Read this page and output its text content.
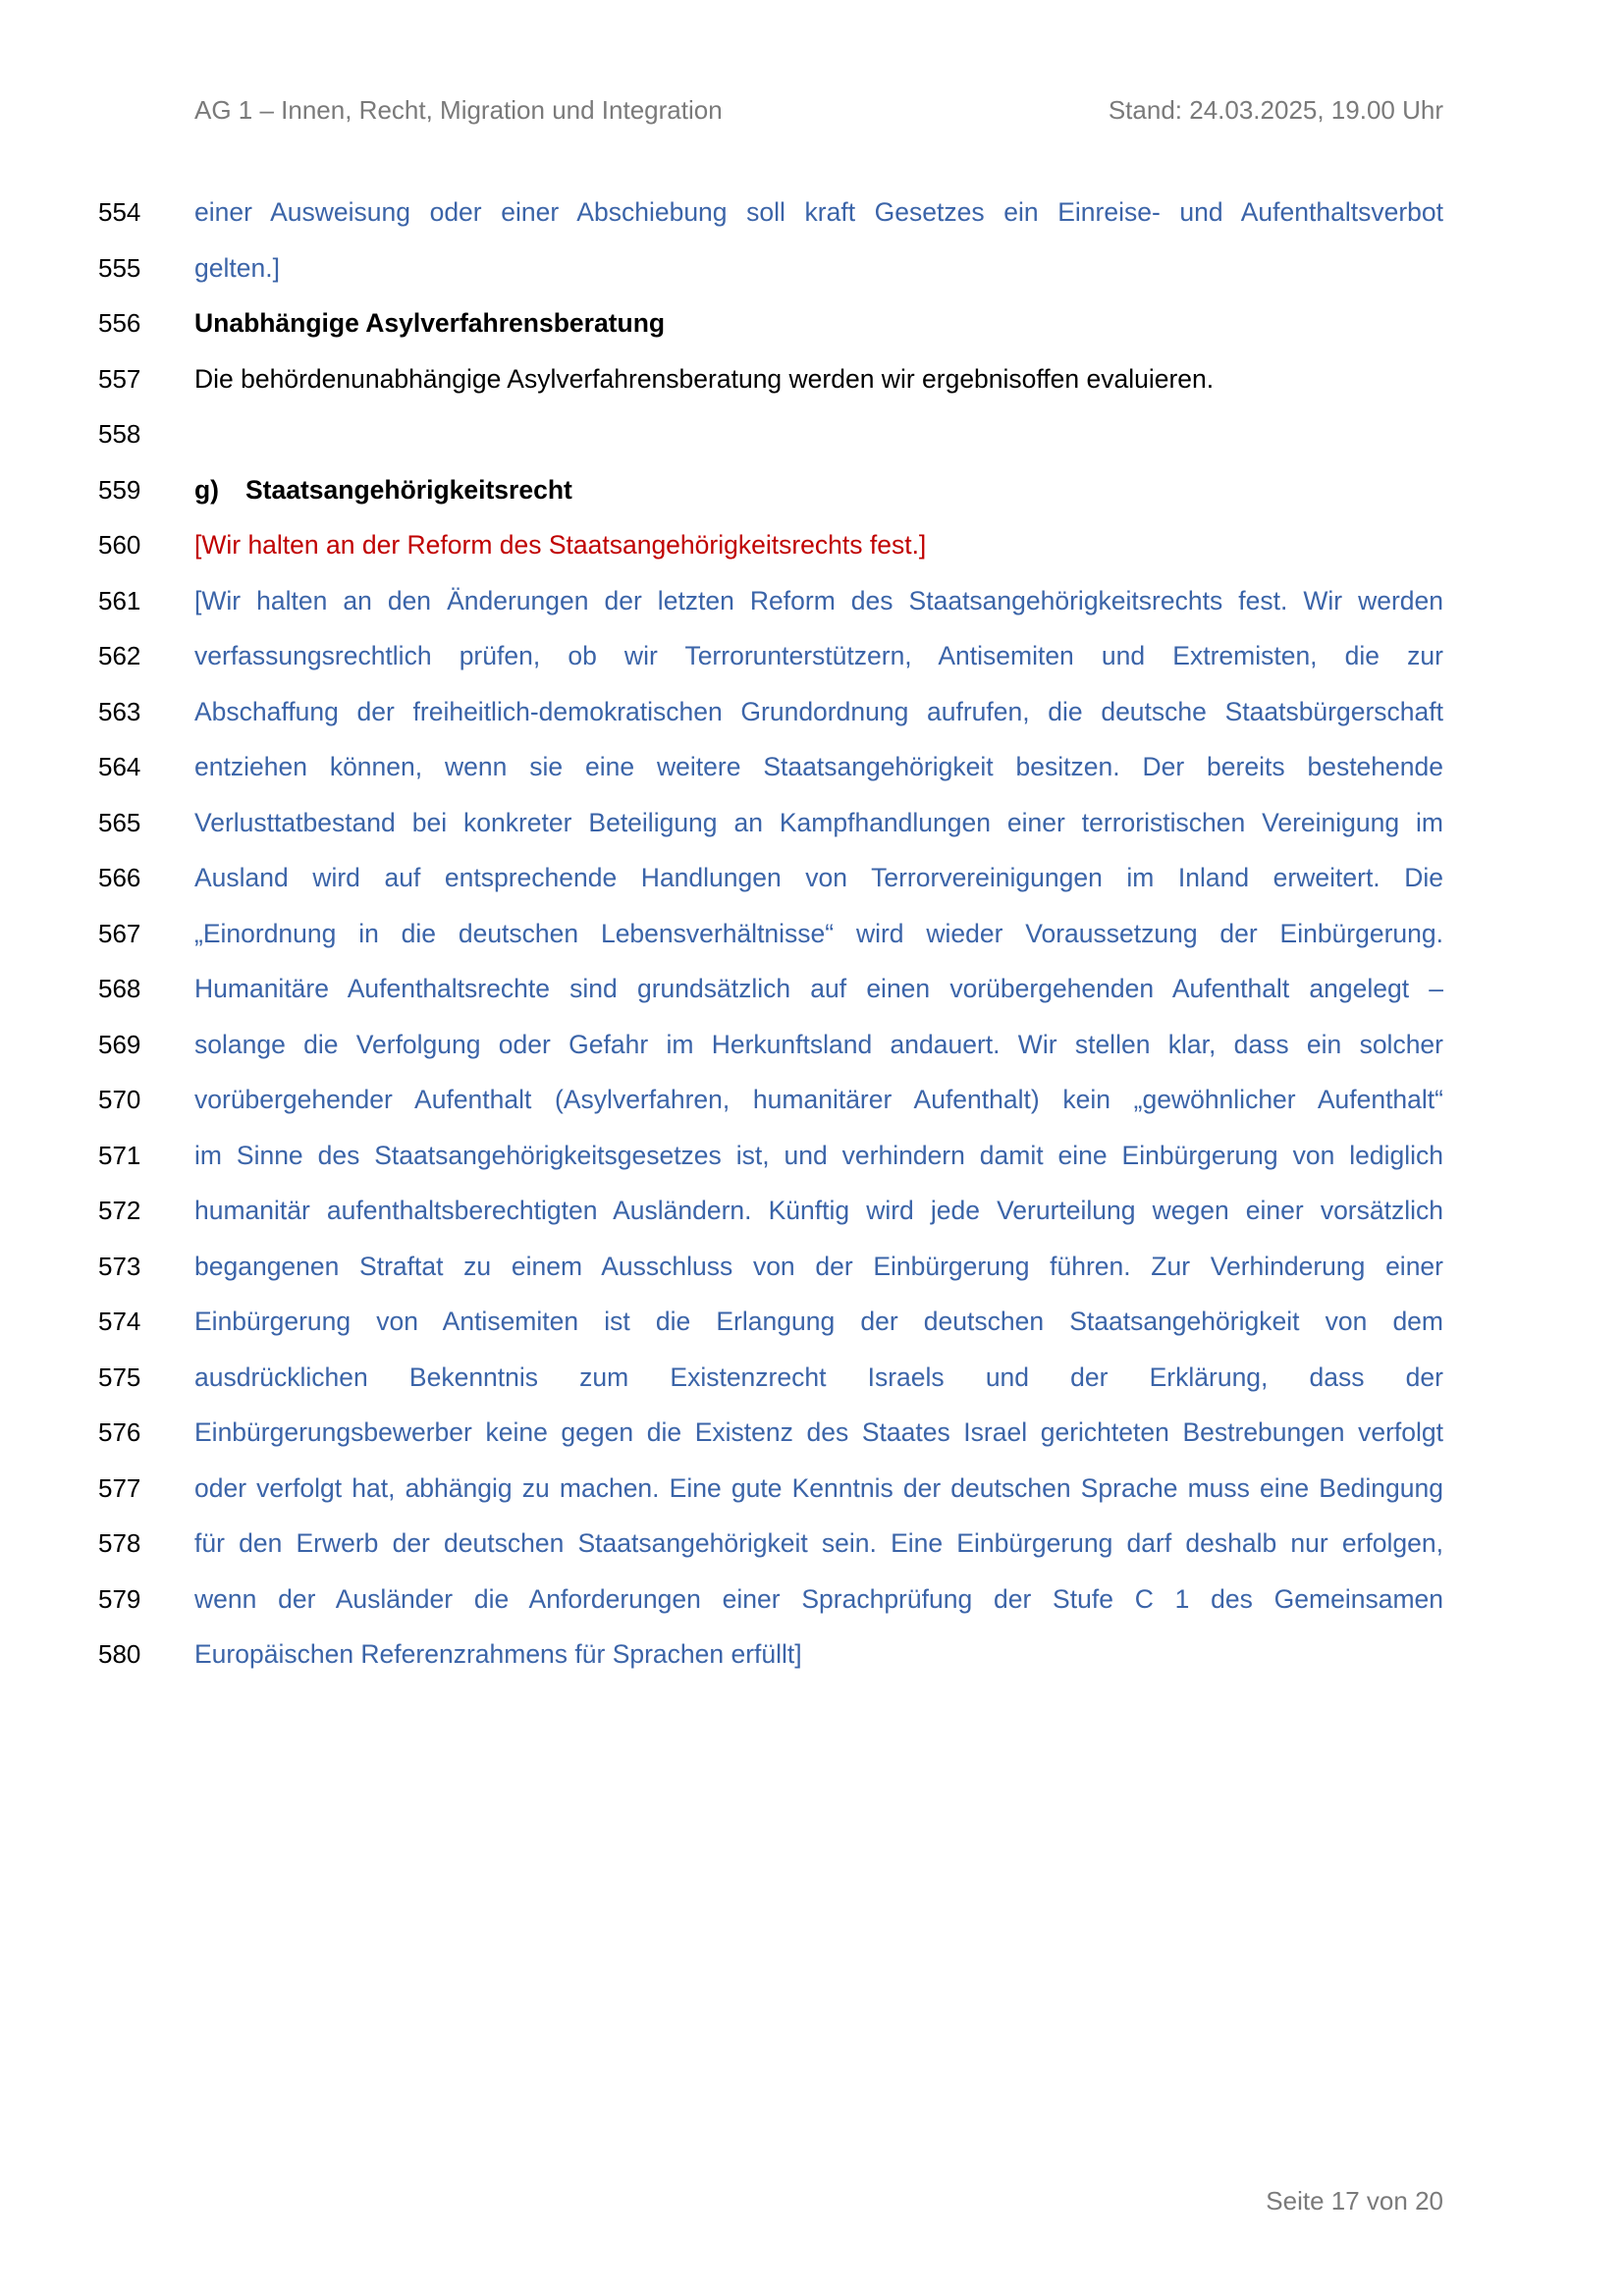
AG 1 – Innen, Recht, Migration und Integration	Stand: 24.03.2025, 19.00 Uhr
554 einer Ausweisung oder einer Abschiebung soll kraft Gesetzes ein Einreise- und Aufenthaltsverbot
555 gelten.]
556 Unabhängige Asylverfahrensberatung
557 Die behördenunabhängige Asylverfahrensberatung werden wir ergebnisoffen evaluieren.
558
559 g) Staatsangehörigkeitsrecht
560 [Wir halten an der Reform des Staatsangehörigkeitsrechts fest.]
561 [Wir halten an den Änderungen der letzten Reform des Staatsangehörigkeitsrechts fest. Wir werden
562 verfassungsrechtlich prüfen, ob wir Terrorunterstützern, Antisemiten und Extremisten, die zur
563 Abschaffung der freiheitlich-demokratischen Grundordnung aufrufen, die deutsche Staatsbürgerschaft
564 entziehen können, wenn sie eine weitere Staatsangehörigkeit besitzen. Der bereits bestehende
565 Verlusttatbestand bei konkreter Beteiligung an Kampfhandlungen einer terroristischen Vereinigung im
566 Ausland wird auf entsprechende Handlungen von Terrorvereinigungen im Inland erweitert. Die
567 „Einordnung in die deutschen Lebensverhältnisse“ wird wieder Voraussetzung der Einbürgerung.
568 Humanitäre Aufenthaltsrechte sind grundsätzlich auf einen vorübergehenden Aufenthalt angelegt –
569 solange die Verfolgung oder Gefahr im Herkunftsland andauert. Wir stellen klar, dass ein solcher
570 vorübergehender Aufenthalt (Asylverfahren, humanitärer Aufenthalt) kein „gewöhnlicher Aufenthalt“
571 im Sinne des Staatsangehörigkeitsgesetzes ist, und verhindern damit eine Einbürgerung von lediglich
572 humanitär aufenthaltsberechtigten Ausländern. Künftig wird jede Verurteilung wegen einer vorsätzlich
573 begangenen Straftat zu einem Ausschluss von der Einbürgerung führen. Zur Verhinderung einer
574 Einbürgerung von Antisemiten ist die Erlangung der deutschen Staatsangehörigkeit von dem
575 ausdrücklichen Bekenntnis zum Existenzrecht Israels und der Erklärung, dass der
576 Einbürgerungsbewerber keine gegen die Existenz des Staates Israel gerichteten Bestrebungen verfolgt
577 oder verfolgt hat, abhängig zu machen. Eine gute Kenntnis der deutschen Sprache muss eine Bedingung
578 für den Erwerb der deutschen Staatsangehörigkeit sein. Eine Einbürgerung darf deshalb nur erfolgen,
579 wenn der Ausländer die Anforderungen einer Sprachprüfung der Stufe C 1 des Gemeinsamen
580 Europäischen Referenzrahmens für Sprachen erfüllt]
Seite 17 von 20
